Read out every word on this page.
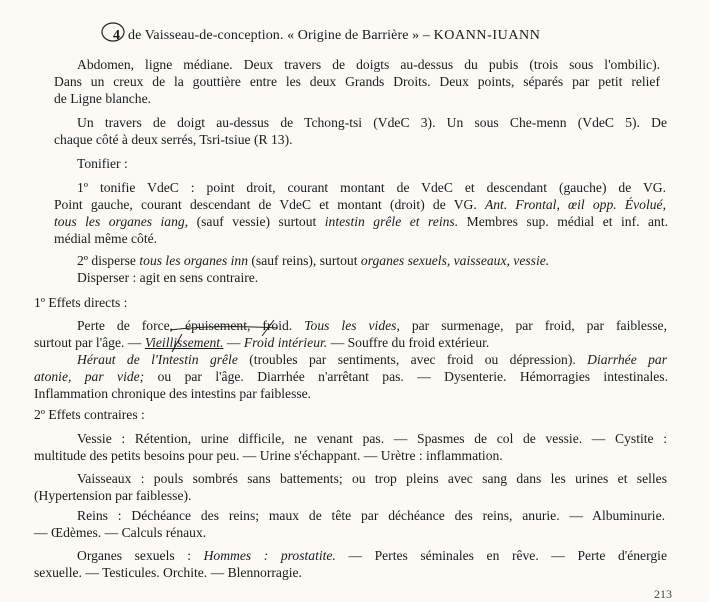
4 de Vaisseau-de-conception. « Origine de Barrière » – KOANN-IUANN
Abdomen, ligne médiane. Deux travers de doigts au-dessus du pubis (trois sous l'ombilic).
Dans un creux de la gouttière entre les deux Grands Droits. Deux points, séparés par petit relief
de Ligne blanche.
Un travers de doigt au-dessus de Tchong-tsi (VdeC 3). Un sous Che-menn (VdeC 5). De
chaque côté à deux serrés, Tsri-tsiue (R 13).
Tonifier :
1º tonifie VdeC : point droit, courant montant de VdeC et descendant (gauche) de VG.
Point gauche, courant descendant de VdeC et montant (droit) de VG. Ant. Frontal, œil opp. Évolué,
tous les organes iang, (sauf vessie) surtout intestin grêle et reins. Membres sup. médial et inf. ant.
médial même côté.
2º disperse tous les organes inn (sauf reins), surtout organes sexuels, vaisseaux, vessie.
Disperser : agit en sens contraire.
1º Effets directs :
Perte de force, épuisement, froid. Tous les vides, par surmenage, par froid, par faiblesse,
surtout par l'âge. — Vieillissement. — Froid intérieur. — Souffre du froid extérieur.
Héraut de l'Intestin grêle (troubles par sentiments, avec froid ou dépression). Diarrhée par
atonie, par vide; ou par l'âge. Diarrhée n'arrêtant pas. — Dysenterie. Hémorragies intestinales.
Inflammation chronique des intestins par faiblesse.
2º Effets contraires :
Vessie : Rétention, urine difficile, ne venant pas. — Spasmes de col de vessie. — Cystite :
multitude des petits besoins pour peu. — Urine s'échappant. — Urètre : inflammation.
Vaisseaux : pouls sombrés sans battements; ou trop pleins avec sang dans les urines et selles
(Hypertension par faiblesse).
Reins : Déchéance des reins; maux de tête par déchéance des reins, anurie. — Albuminurie.
— Œdèmes. — Calculs rénaux.
Organes sexuels : Hommes : prostatite. — Pertes séminales en rêve. — Perte d'énergie
sexuelle. — Testicules. Orchite. — Blennorragie.
213
